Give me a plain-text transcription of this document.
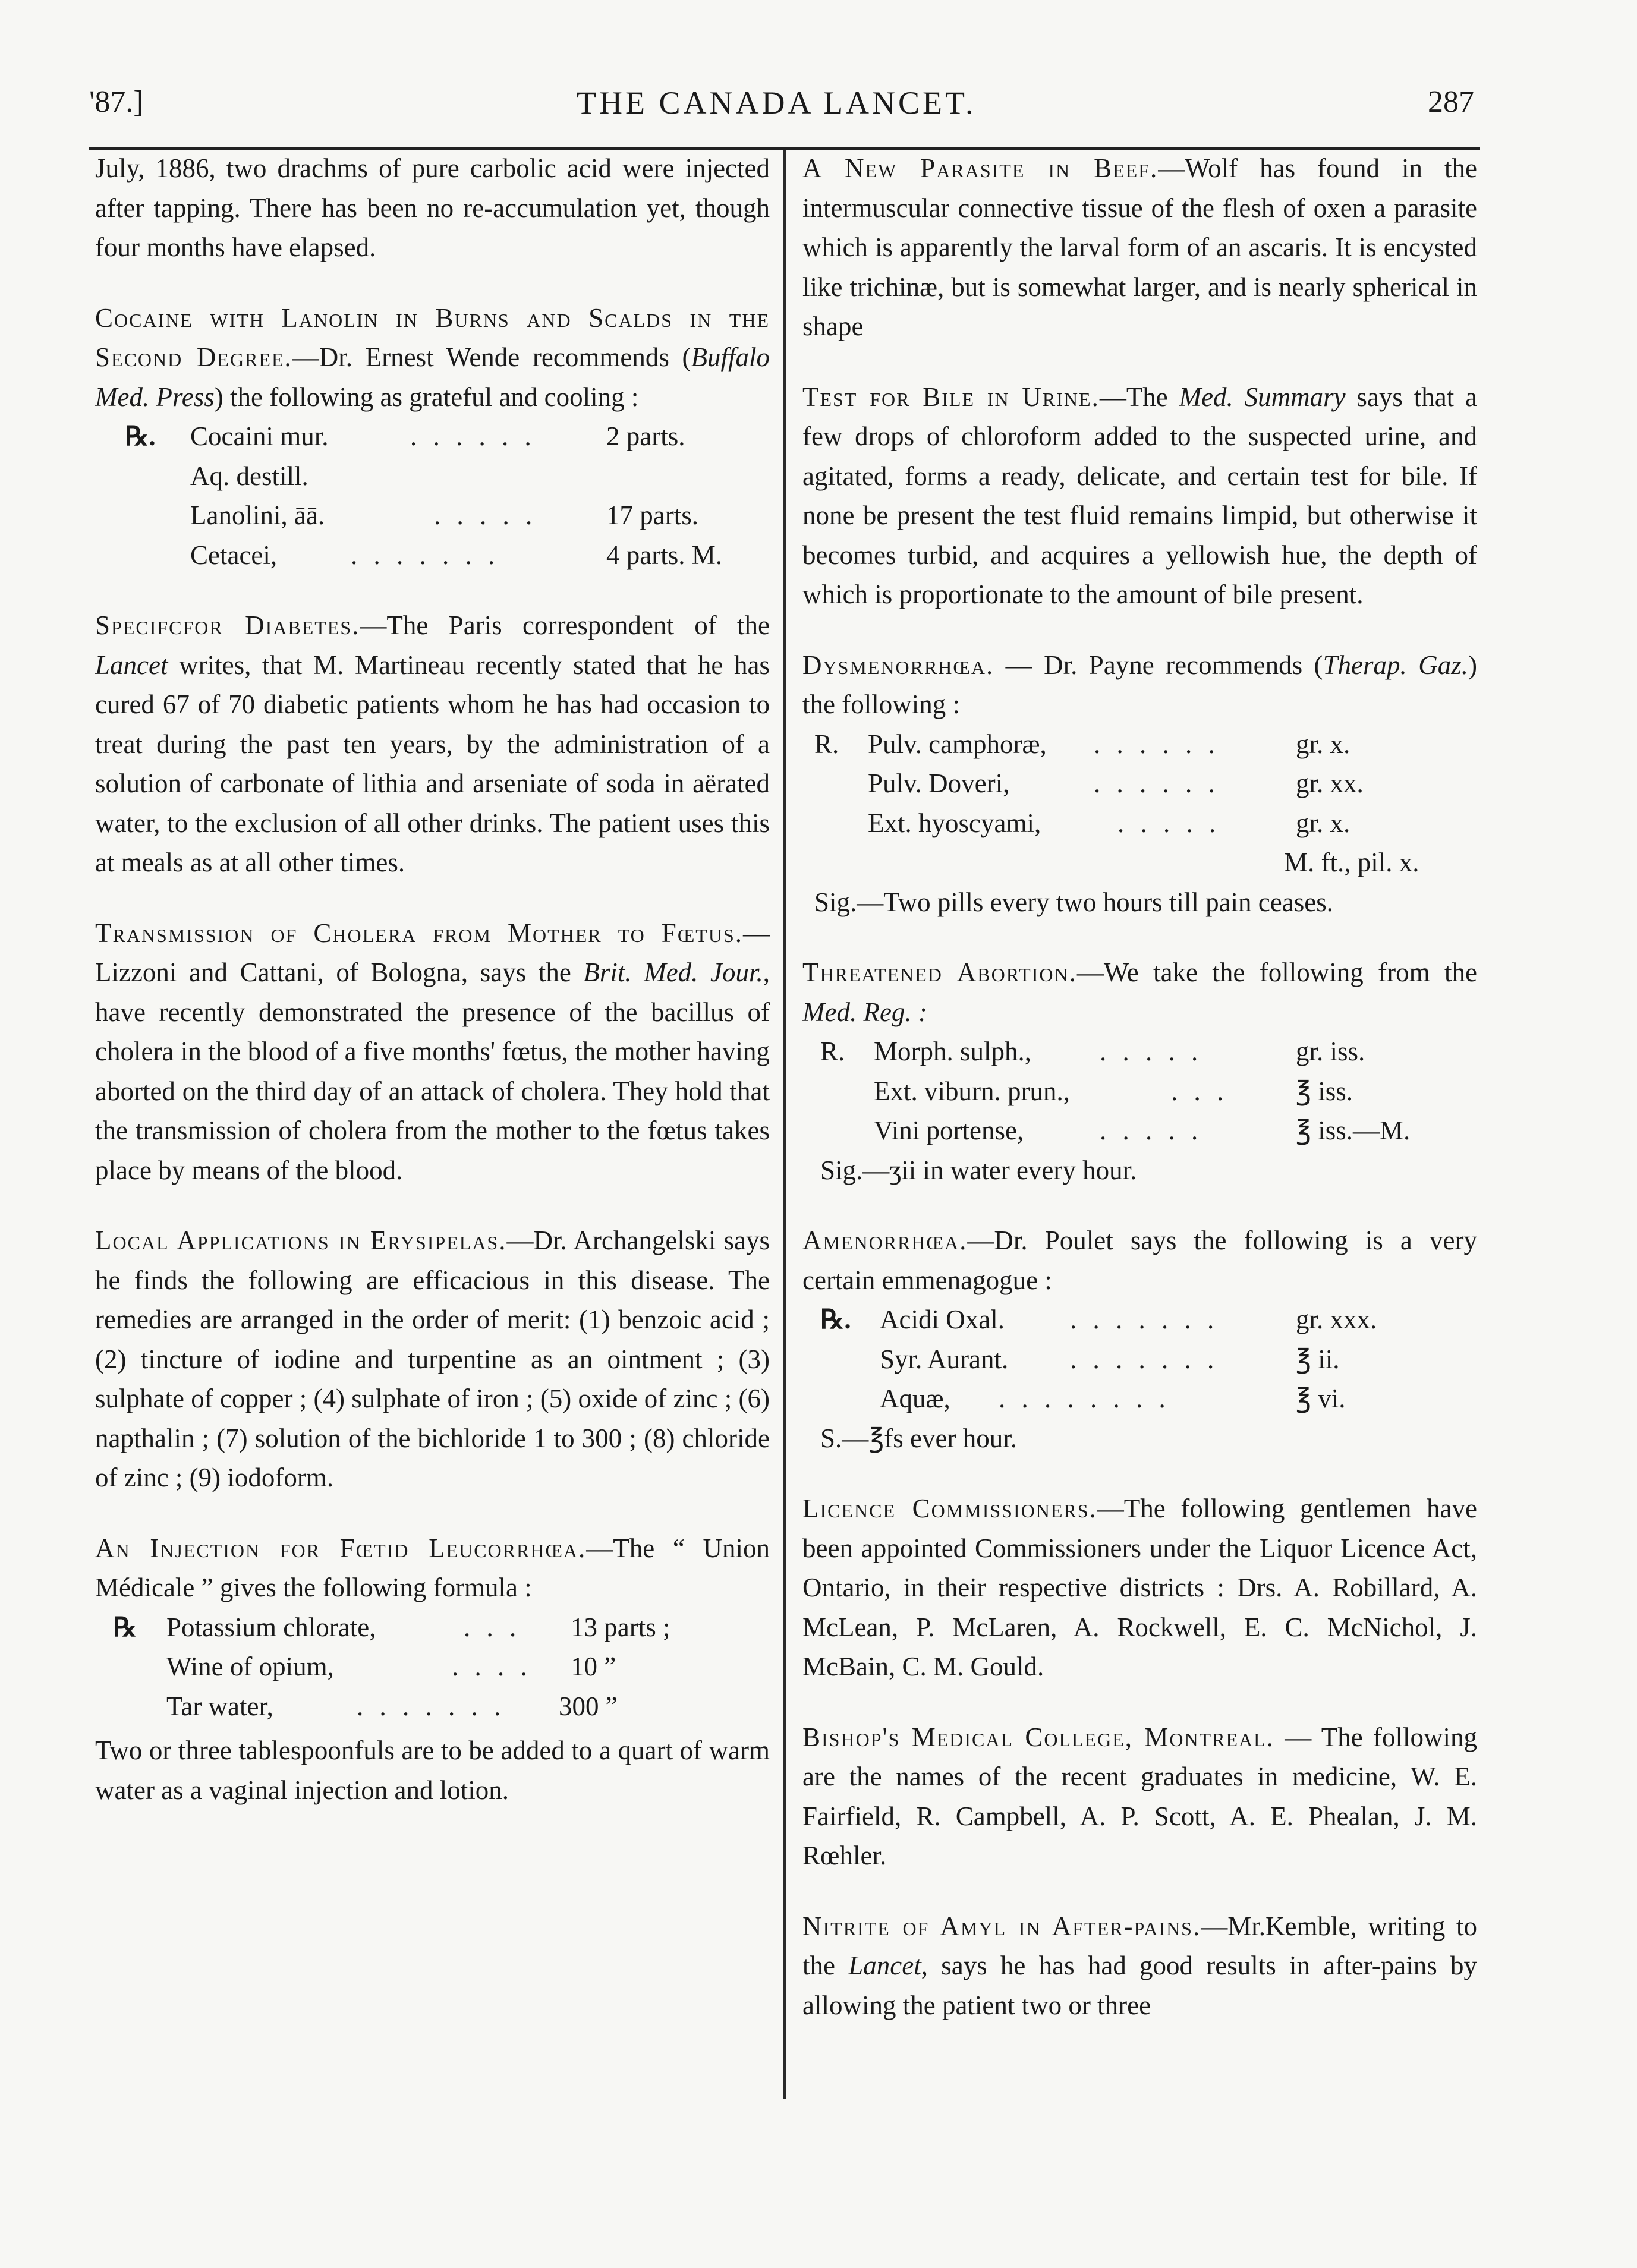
'87.]	THE CANADA LANCET.	287

July, 1886, two drachms of pure carbolic acid were injected after tapping. There has been no re-accumulation yet, though four months have elapsed.

Cocaine with Lanolin in Burns and Scalds in the Second Degree.—Dr. Ernest Wende recommends (Buffalo Med. Press) the following as grateful and cooling :

℞. Cocaini mur.	. . . . . .	2 parts.
Aq. destill.
Lanolini, āā.	. . . . .	17 parts.
Cetacei,	. . . . . . .	4 parts. M.

Specifcfor Diabetes.—The Paris correspondent of the Lancet writes, that M. Martineau recently stated that he has cured 67 of 70 diabetic patients whom he has had occasion to treat during the past ten years, by the administration of a solution of carbonate of lithia and arseniate of soda in aërated water, to the exclusion of all other drinks. The patient uses this at meals as at all other times.

Transmission of Cholera from Mother to Fœtus.—Lizzoni and Cattani, of Bologna, says the Brit. Med. Jour., have recently demonstrated the presence of the bacillus of cholera in the blood of a five months' fœtus, the mother having aborted on the third day of an attack of cholera. They hold that the transmission of cholera from the mother to the fœtus takes place by means of the blood.

Local Applications in Erysipelas.—Dr. Archangelski says he finds the following are efficacious in this disease. The remedies are arranged in the order of merit: (1) benzoic acid ; (2) tincture of iodine and turpentine as an ointment ; (3) sulphate of copper ; (4) sulphate of iron ; (5) oxide of zinc ; (6) napthalin ; (7) solution of the bichloride 1 to 300 ; (8) chloride of zinc ; (9) iodoform.

An Injection for Fœtid Leucorrhœa.—The “ Union Médicale ” gives the following formula :

℞ Potassium chlorate,	. . . 13 parts ;
Wine of opium,	. . . . 10 ˮ
Tar water,	. . . . . . . 300 ˮ

Two or three tablespoonfuls are to be added to a quart of warm water as a vaginal injection and lotion.

A New Parasite in Beef.—Wolf has found in the intermuscular connective tissue of the flesh of oxen a parasite which is apparently the larval form of an ascaris. It is encysted like trichinæ, but is somewhat larger, and is nearly spherical in shape

Test for Bile in Urine.—The Med. Summary says that a few drops of chloroform added to the suspected urine, and agitated, forms a ready, delicate, and certain test for bile. If none be present the test fluid remains limpid, but otherwise it becomes turbid, and acquires a yellowish hue, the depth of which is proportionate to the amount of bile present.

Dysmenorrhœa. — Dr. Payne recommends (Therap. Gaz.) the following :

R. Pulv. camphoræ, . . . . . .	gr. x.
Pulv. Doveri,	. . . . . .	gr. xx.
Ext. hyoscyami,	. . . . .	gr. x.
M. ft., pil. x.

Sig.—Two pills every two hours till pain ceases.

Threatened Abortion.—We take the following from the Med. Reg. :

R. Morph. sulph.,	. . . . .	gr. iss.
Ext. viburn. prun.,	. . .	℥ iss.
Vini portense,	. . . . .	℥ iss.—M.

Sig.—ʒii in water every hour.

Amenorrhœa.—Dr. Poulet says the following is a very certain emmenagogue :

℞. Acidi Oxal. . . . . . . .	gr. xxx.
Syr. Aurant. . . . . . . .	℥ ii.
Aquæ, . . . . . . . .	℥ vi.

S.—℥fs ever hour.

Licence Commissioners.—The following gentlemen have been appointed Commissioners under the Liquor Licence Act, Ontario, in their respective districts : Drs. A. Robillard, A. McLean, P. McLaren, A. Rockwell, E. C. McNichol, J. McBain, C. M. Gould.

Bishop's Medical College, Montreal. — The following are the names of the recent graduates in medicine, W. E. Fairfield, R. Campbell, A. P. Scott, A. E. Phealan, J. M. Rœhler.

Nitrite of Amyl in After-pains.—Mr.Kemble, writing to the Lancet, says he has had good results in after-pains by allowing the patient two or three
